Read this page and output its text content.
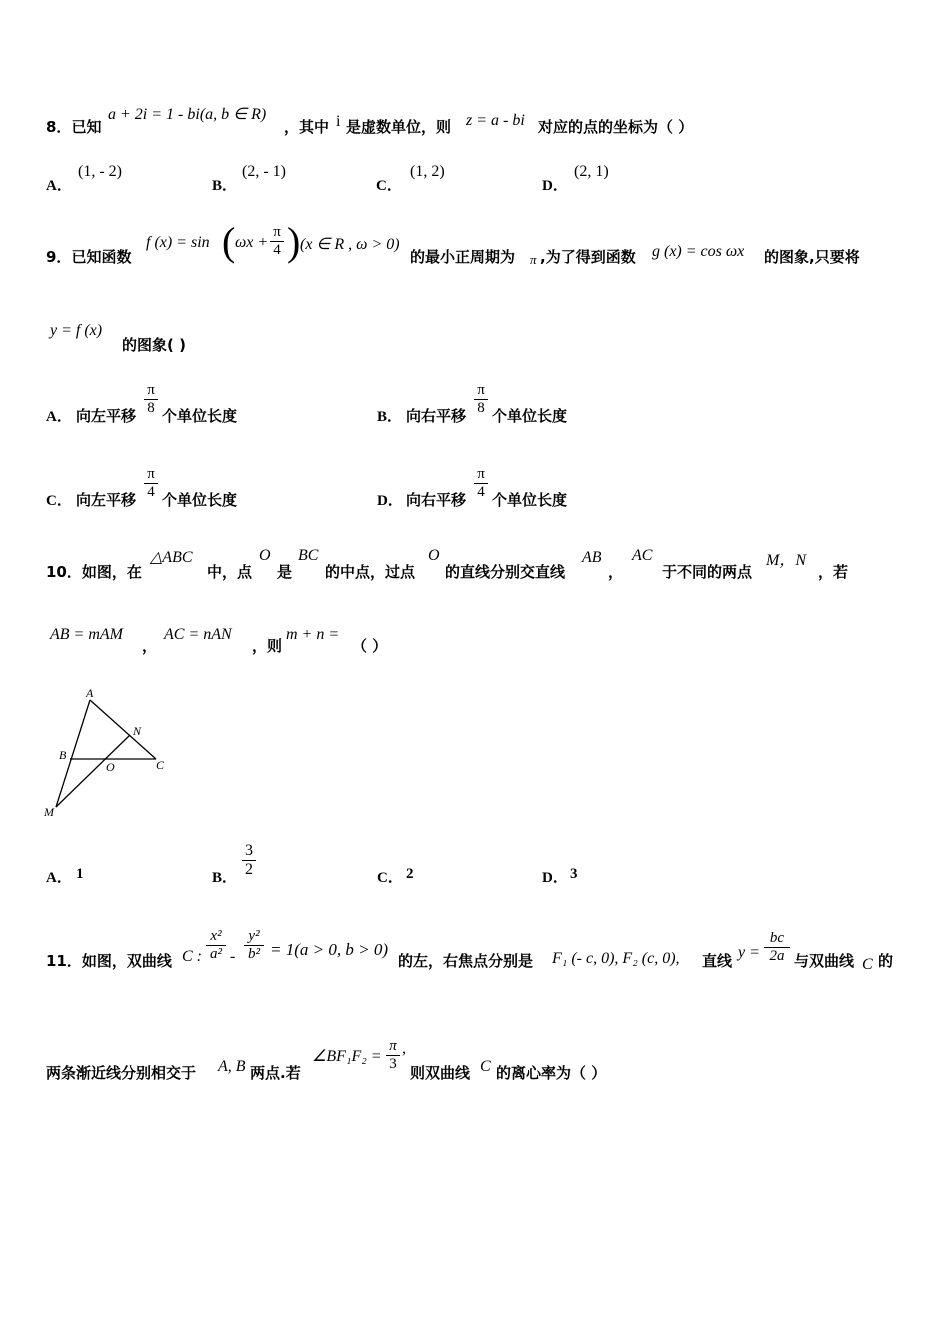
8．已知
a + 2i = 1 - bi(a, b ∈ R)
，其中 i 是虚数单位，则 z = a - bi 对应的点的坐标为（ ）
A．
(1, - 2)
B．
(2, - 1)
C．
(1, 2)
D．
(2, 1)
9．已知函数
f (x) = sin ( ωx +
π
4 ) (x ∈ R , ω > 0)
的最小正周期为 π ,为了得到函数 g (x) = cos ωx 的图象,只要将
y = f (x)
的图象( )
A． 向左平移
π
8 个单位长度	B． 向右平移
π
8 个单位长度
C． 向左平移
π
4 个单位长度	D． 向右平移
π
4 个单位长度
10．如图，在
△ABC
中，点
O
是
BC
的中点，过点
O
的直线分别交直线
AB
，
AC
于不同的两点
M，N
，若
AB = mAM
，
AC = nAN
，则
m + n =
（ ）
A
B
C
M
N
O
A． 1	B．
3
2	C． 2	D． 3
11．如图，双曲线 C :
x²
a² -
y²
b² = 1(a > 0, b > 0)
的左，右焦点分别是 F₁ (- c, 0), F₂ (c, 0), 直线 y =
bc
2a 与双曲线 C 的
两条渐近线分别相交于 A, B 两点.若
∠BF₁F₂ =
π
3
,
则双曲线 C 的离心率为（ ）
